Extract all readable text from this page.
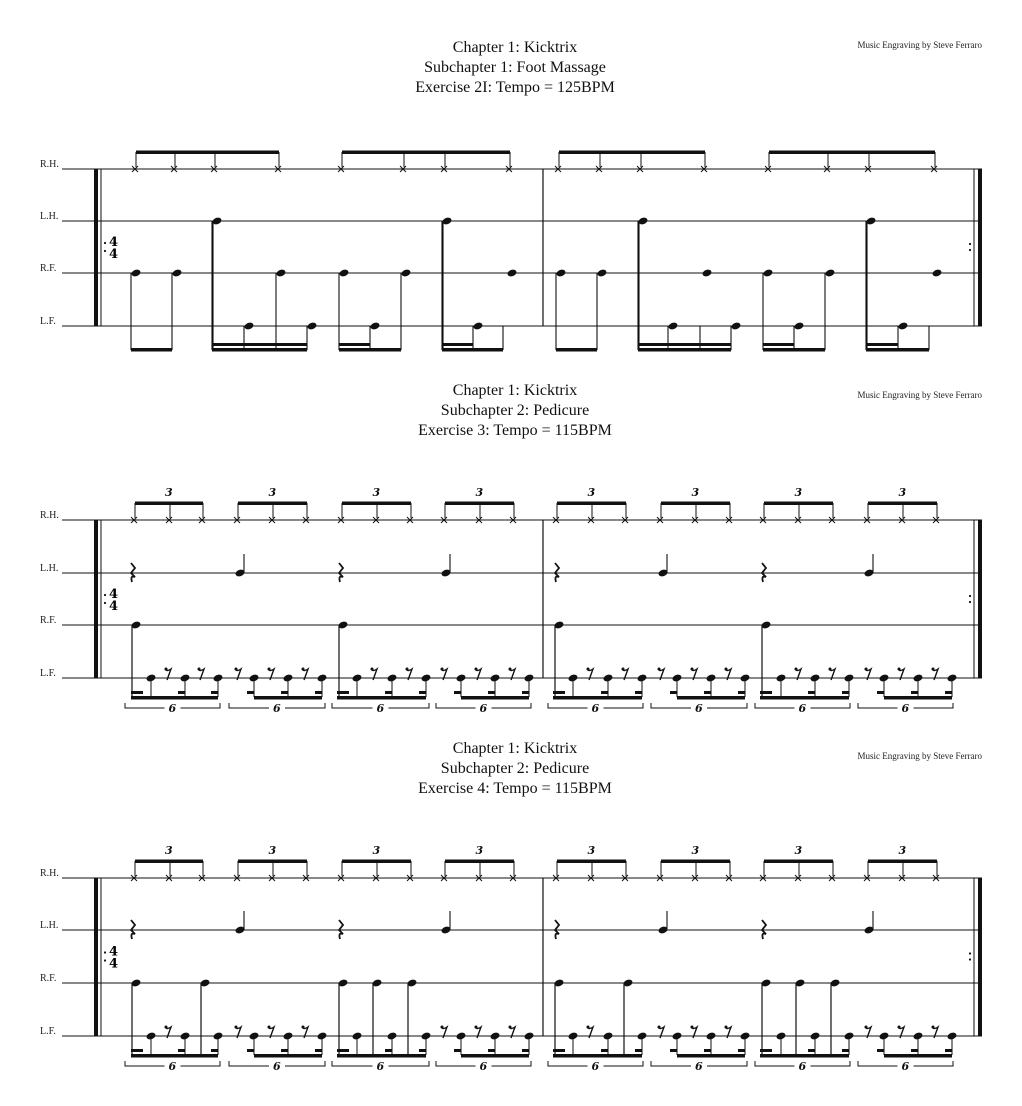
Chapter 1: Kicktrix
Subchapter 1: Foot Massage
Exercise 2I: Tempo = 125BPM
Music Engraving by Steve Ferraro
R.H.
L.H.
R.F.
L.F.
4
4
Chapter 1: Kicktrix
Subchapter 2: Pedicure
Exercise 3: Tempo = 115BPM
Music Engraving by Steve Ferraro
R.H.
L.H.
R.F.
L.F.
4
4
3	3	3	3	3	3	3	3
6	6	6	6	6	6	6	6
Chapter 1: Kicktrix
Subchapter 2: Pedicure
Exercise 4: Tempo = 115BPM
Music Engraving by Steve Ferraro
R.H.
L.H.
R.F.
L.F.
4
4
3	3	3	3	3	3	3	3
6	6	6	6	6	6	6	6
